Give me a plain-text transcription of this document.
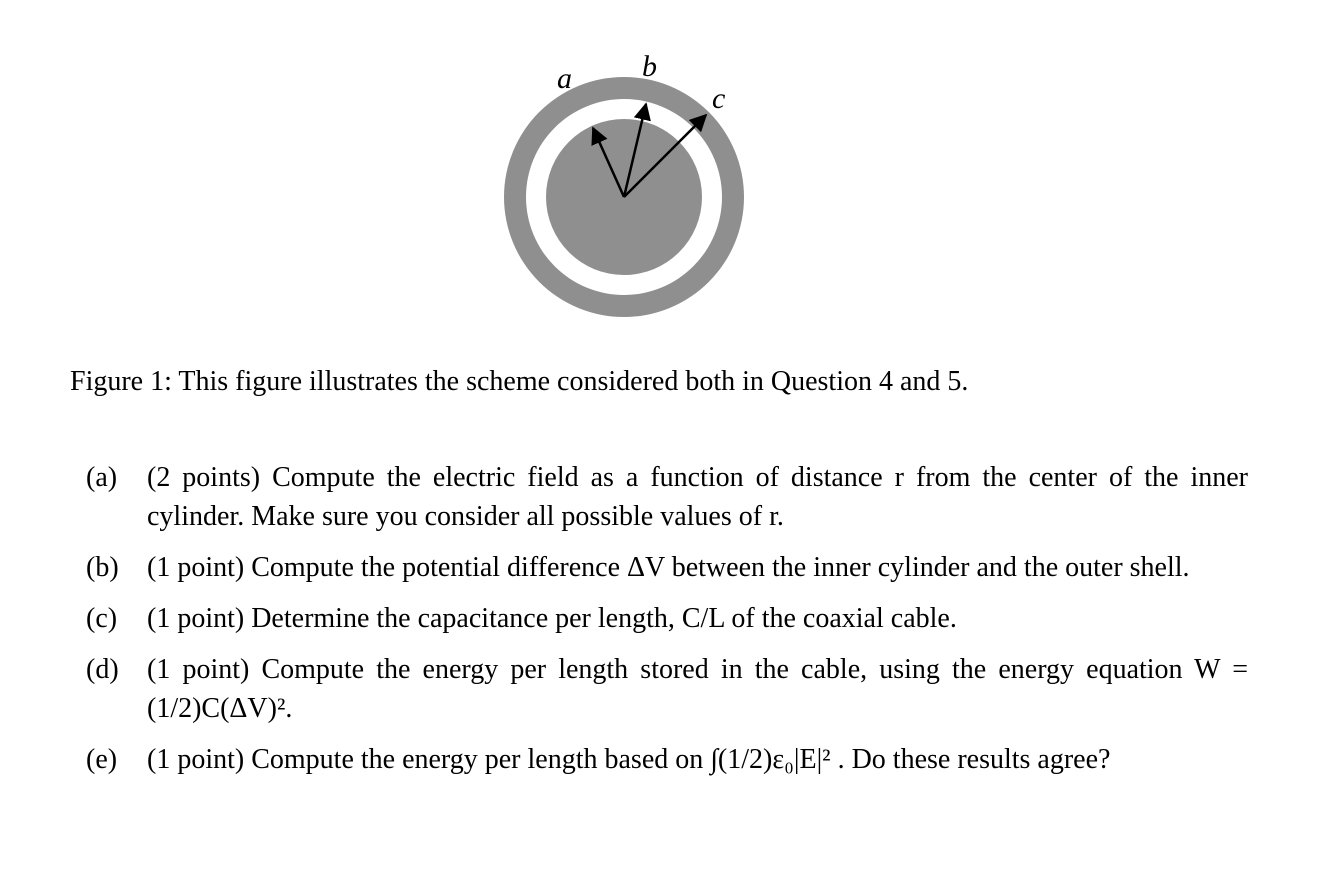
a b
c
Figure 1: This figure illustrates the scheme considered both in Question 4 and 5.
(a)	(2 points) Compute the electric field as a function of distance r from the center of the inner cylinder. Make sure you consider all possible values of r.
(b)	(1 point) Compute the potential difference ΔV between the inner cylinder and the outer shell.
(c)	(1 point) Determine the capacitance per length, C/L of the coaxial cable.
(d)	(1 point) Compute the energy per length stored in the cable, using the energy equation W = (1/2)C(ΔV)².
(e)	(1 point) Compute the energy per length based on ∫(1/2)ε₀|E|² . Do these results agree?
